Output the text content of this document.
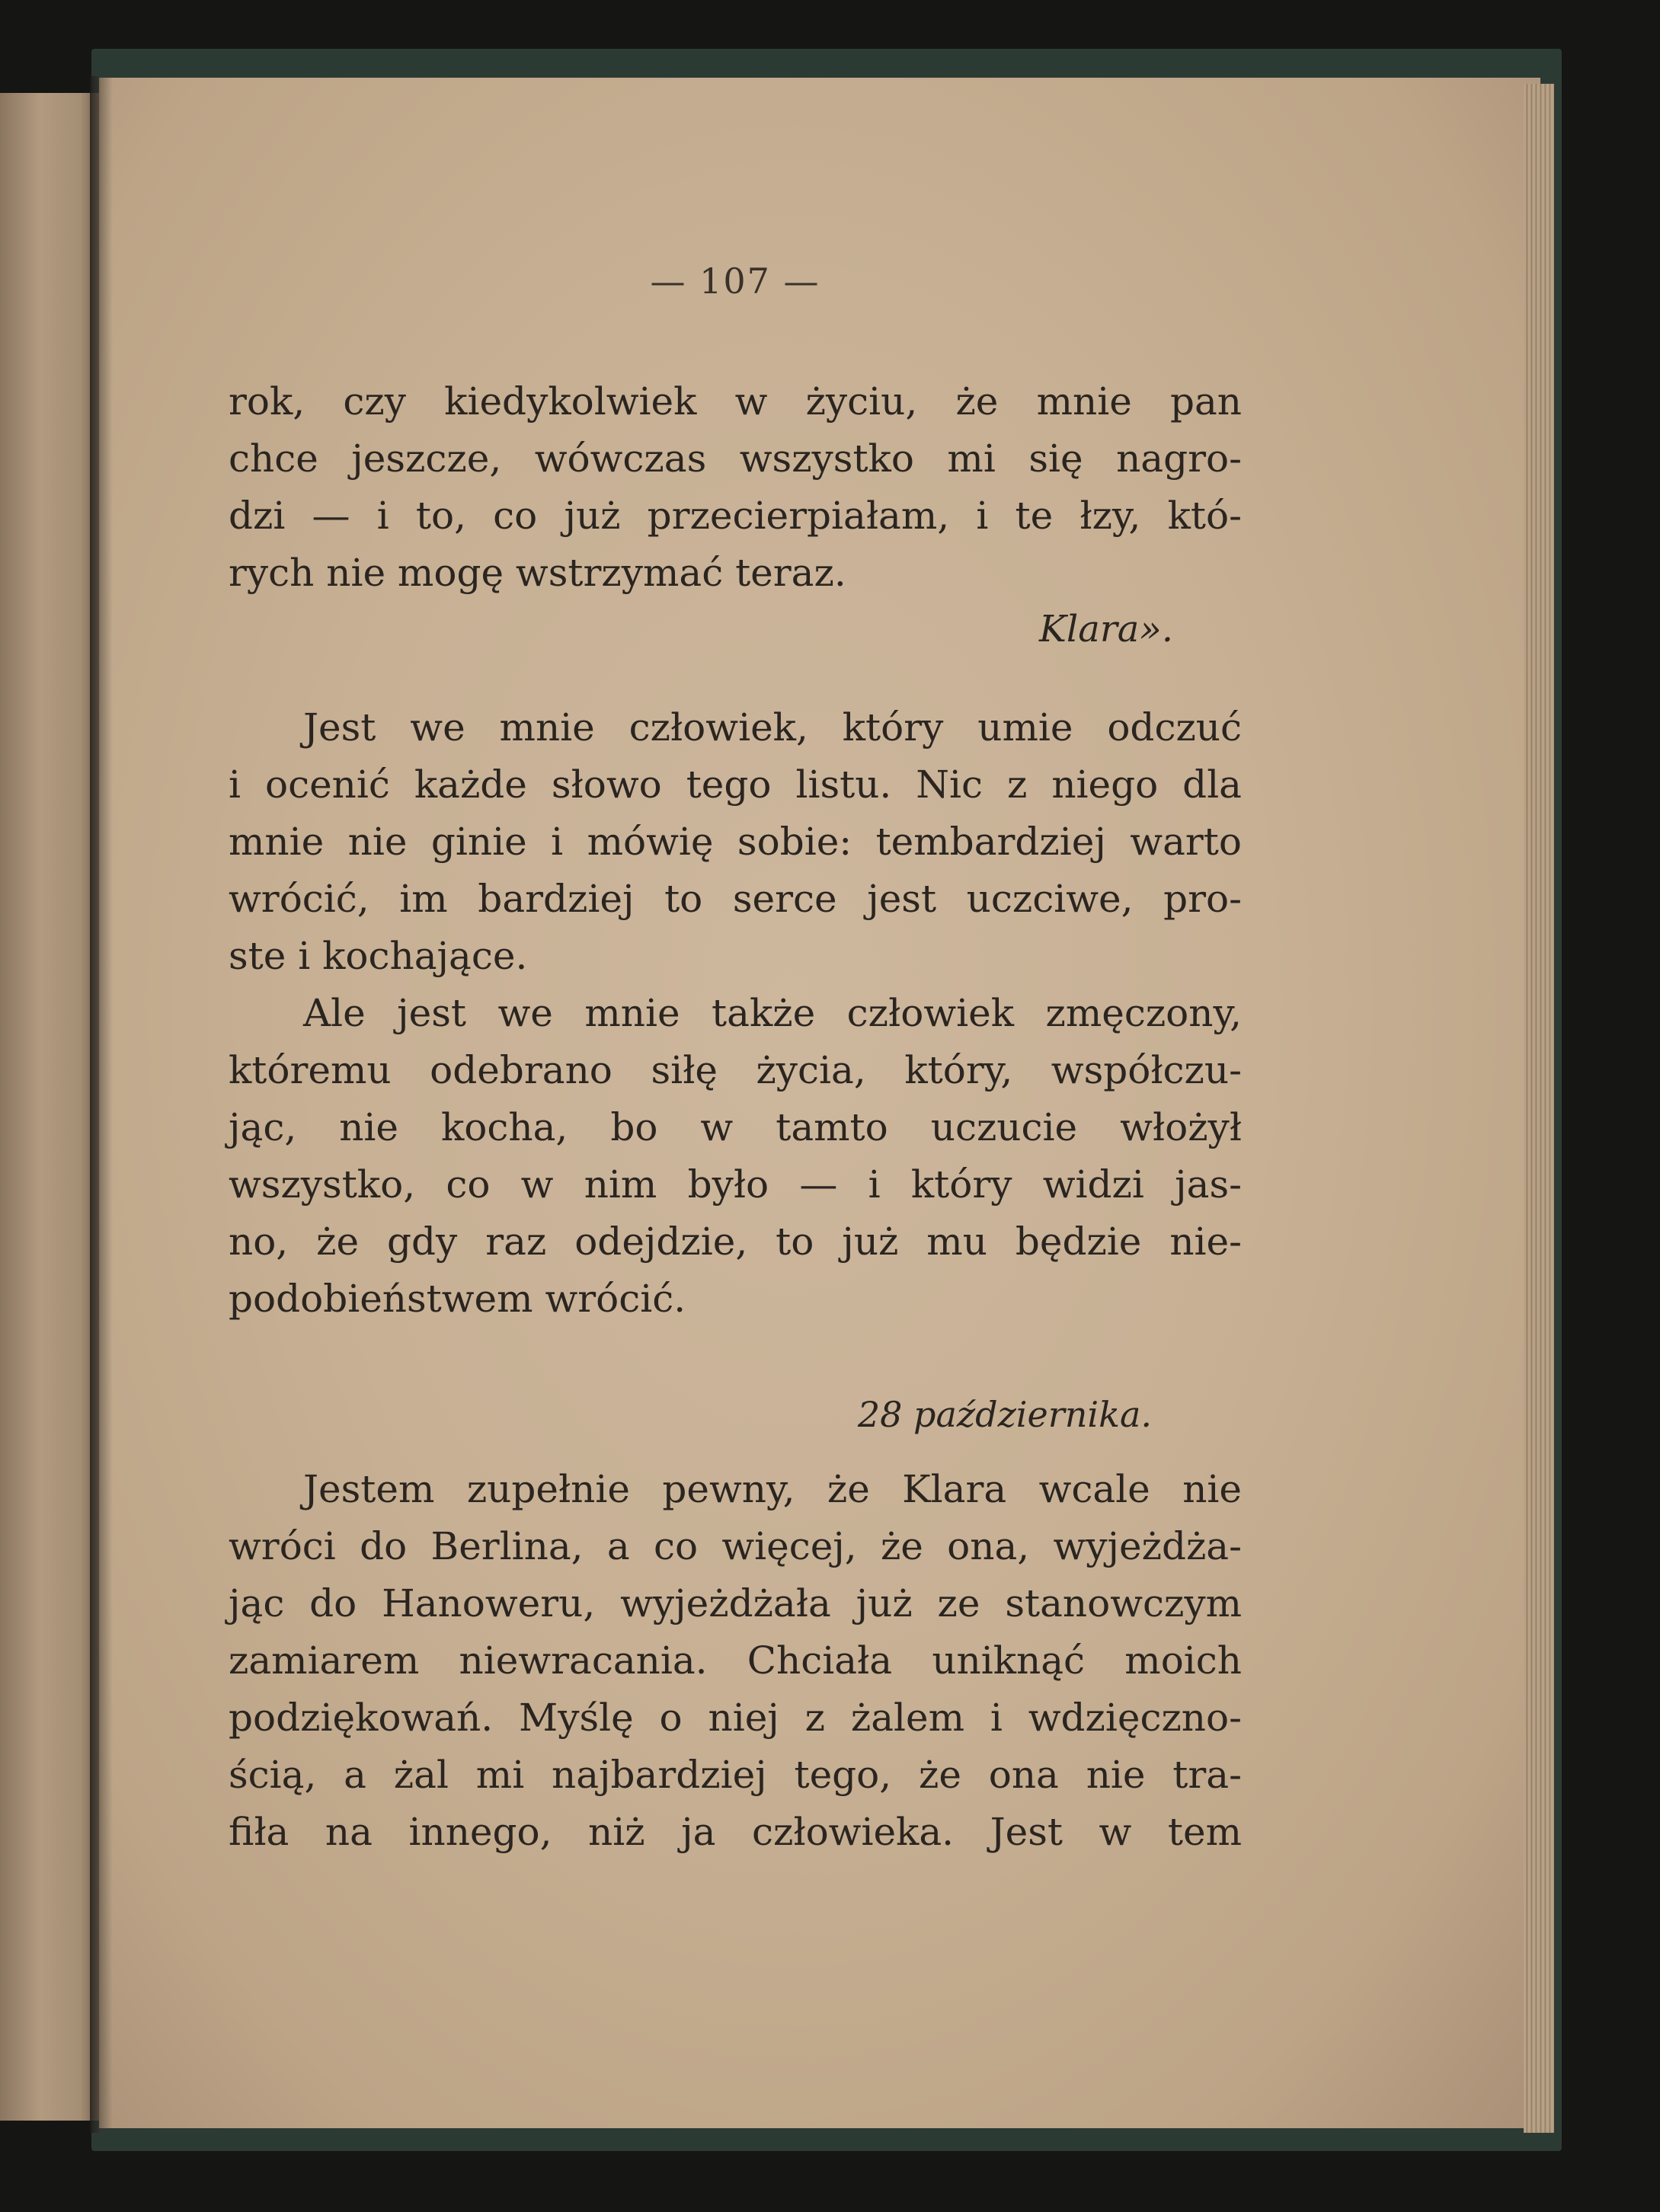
— 107 —
rok, czy kiedykolwiek w życiu, że mnie pan
chce jeszcze, wówczas wszystko mi się nagro-
dzi — i to, co już przecierpiałam, i te łzy, któ-
rych nie mogę wstrzymać teraz.
Klara».
Jest we mnie człowiek, który umie odczuć
i ocenić każde słowo tego listu. Nic z niego dla
mnie nie ginie i mówię sobie: tembardziej warto
wrócić, im bardziej to serce jest uczciwe, pro-
ste i kochające.
Ale jest we mnie także człowiek zmęczony,
któremu odebrano siłę życia, który, współczu-
jąc, nie kocha, bo w tamto uczucie włożył
wszystko, co w nim było — i który widzi jas-
no, że gdy raz odejdzie, to już mu będzie nie-
podobieństwem wrócić.
28 października.
Jestem zupełnie pewny, że Klara wcale nie
wróci do Berlina, a co więcej, że ona, wyjeżdża-
jąc do Hanoweru, wyjeżdżała już ze stanowczym
zamiarem niewracania. Chciała uniknąć moich
podziękowań. Myślę o niej z żalem i wdzięczno-
ścią, a żal mi najbardziej tego, że ona nie tra-
fiła na innego, niż ja człowieka. Jest w tem
